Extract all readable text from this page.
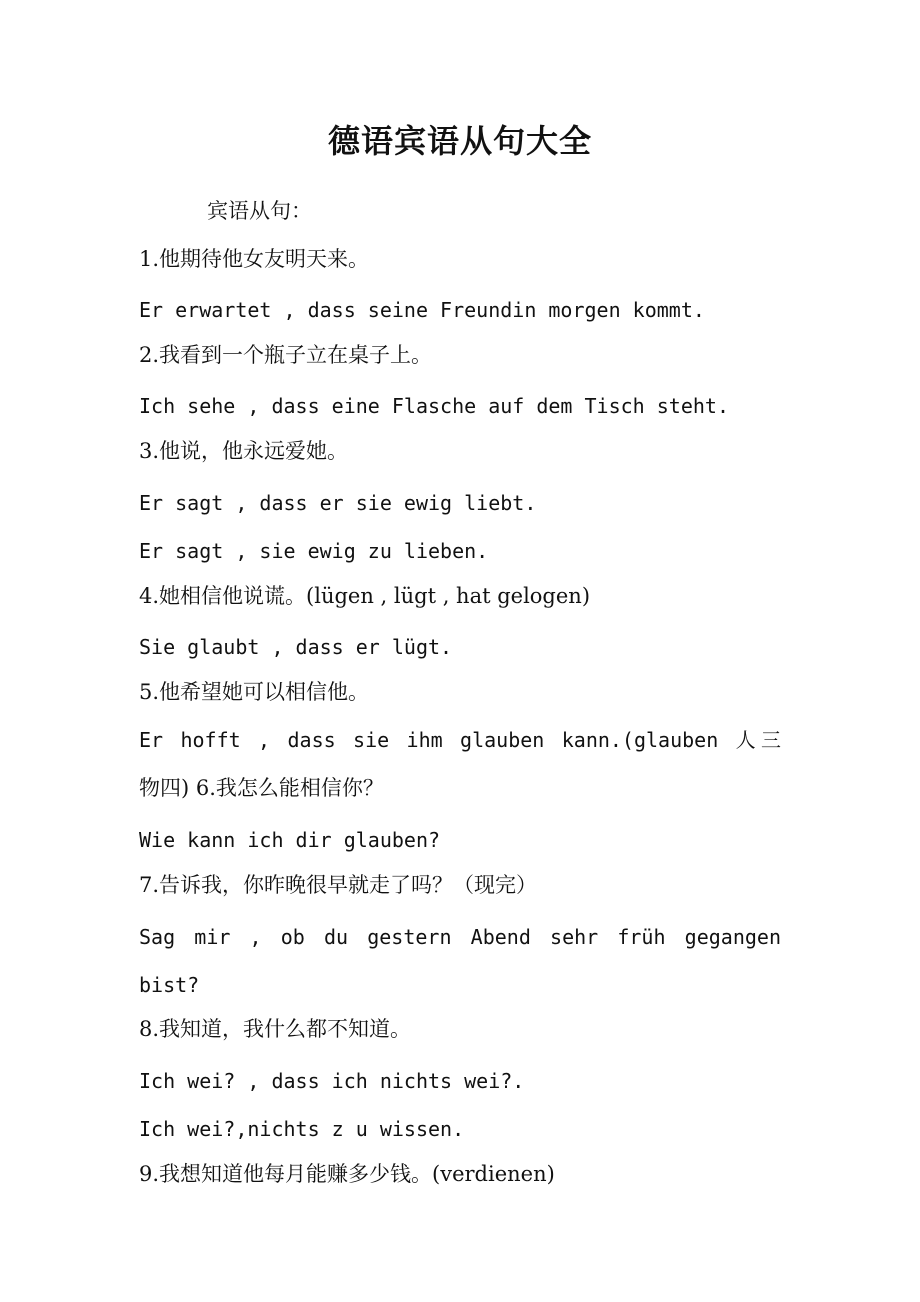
德语宾语从句大全
宾语从句：
1.他期待他女友明天来。
Er erwartet , dass seine Freundin morgen kommt.
2.我看到一个瓶子立在桌子上。
Ich sehe , dass eine Flasche auf dem Tisch steht.
3.他说，他永远爱她。
Er sagt , dass er sie ewig liebt.
Er sagt , sie ewig zu lieben.
4.她相信他说谎。(lügen , lügt , hat gelogen)
Sie glaubt , dass er lügt.
5.他希望她可以相信他。
Er hofft , dass sie ihm glauben kann.(glauben 人三
物四) 6.我怎么能相信你？
Wie kann ich dir glauben?
7.告诉我，你昨晚很早就走了吗？（现完）
Sag mir , ob du gestern Abend sehr früh gegangen
bist?
8.我知道，我什么都不知道。
Ich wei? , dass ich nichts wei?.
Ich wei?,nichts z u wissen.
9.我想知道他每月能赚多少钱。(verdienen)
